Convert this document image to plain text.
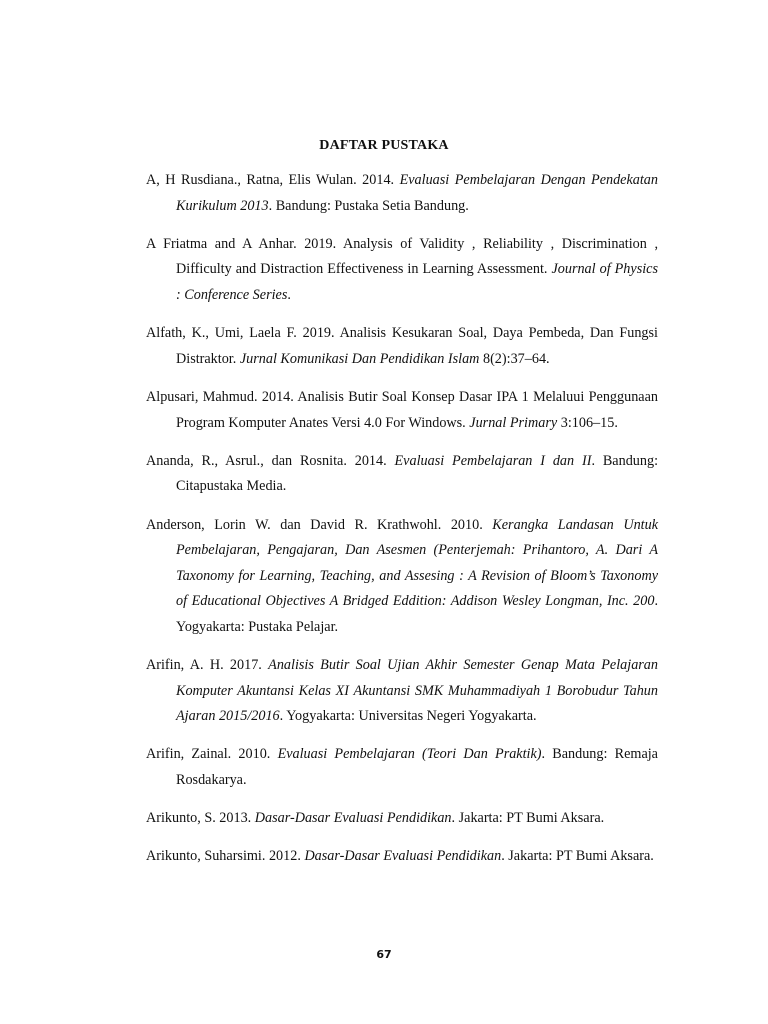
DAFTAR PUSTAKA

A, H Rusdiana., Ratna, Elis Wulan. 2014. Evaluasi Pembelajaran Dengan Pendekatan Kurikulum 2013. Bandung: Pustaka Setia Bandung.

A Friatma and A Anhar. 2019. Analysis of Validity , Reliability , Discrimination , Difficulty and Distraction Effectiveness in Learning Assessment. Journal of Physics : Conference Series.

Alfath, K., Umi, Laela F. 2019. Analisis Kesukaran Soal, Daya Pembeda, Dan Fungsi Distraktor. Jurnal Komunikasi Dan Pendidikan Islam 8(2):37–64.

Alpusari, Mahmud. 2014. Analisis Butir Soal Konsep Dasar IPA 1 Melaluui Penggunaan Program Komputer Anates Versi 4.0 For Windows. Jurnal Primary 3:106–15.

Ananda, R., Asrul., dan Rosnita. 2014. Evaluasi Pembelajaran I dan II. Bandung: Citapustaka Media.

Anderson, Lorin W. dan David R. Krathwohl. 2010. Kerangka Landasan Untuk Pembelajaran, Pengajaran, Dan Asesmen (Penterjemah: Prihantoro, A. Dari A Taxonomy for Learning, Teaching, and Assesing : A Revision of Bloom’s Taxonomy of Educational Objectives A Bridged Eddition: Addison Wesley Longman, Inc. 200. Yogyakarta: Pustaka Pelajar.

Arifin, A. H. 2017. Analisis Butir Soal Ujian Akhir Semester Genap Mata Pelajaran Komputer Akuntansi Kelas XI Akuntansi SMK Muhammadiyah 1 Borobudur Tahun Ajaran 2015/2016. Yogyakarta: Universitas Negeri Yogyakarta.

Arifin, Zainal. 2010. Evaluasi Pembelajaran (Teori Dan Praktik). Bandung: Remaja Rosdakarya.

Arikunto, S. 2013. Dasar-Dasar Evaluasi Pendidikan. Jakarta: PT Bumi Aksara.

Arikunto, Suharsimi. 2012. Dasar-Dasar Evaluasi Pendidikan. Jakarta: PT Bumi Aksara.

67
